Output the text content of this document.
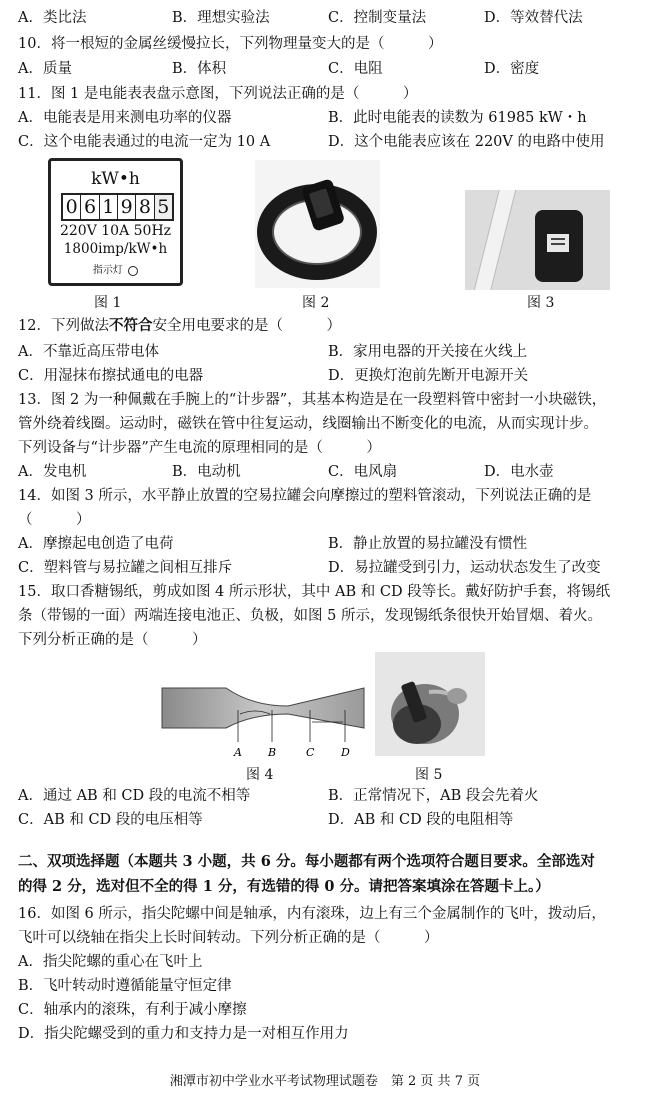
A．类比法	B．理想实验法	C．控制变量法	D．等效替代法
10．将一根短的金属丝缓慢拉长，下列物理量变大的是（　　　）
A．质量	B．体积	C．电阻	D．密度
11．图 1 是电能表表盘示意图，下列说法正确的是（　　　）
A．电能表是用来测电功率的仪器	B．此时电能表的读数为 61985 kW・h
C．这个电能表通过的电流一定为 10 A	D．这个电能表应该在 220V 的电路中使用
kW•h
0 6 1 9 8 5
220V 10A 50Hz
1800imp/kW•h
指示灯
图 1	图 2	图 3
12．下列做法不符合安全用电要求的是（　　　）
A．不靠近高压带电体	B．家用电器的开关接在火线上
C．用湿抹布擦拭通电的电器	D．更换灯泡前先断开电源开关
13．图 2 为一种佩戴在手腕上的“计步器”，其基本构造是在一段塑料管中密封一小块磁铁，
管外绕着线圈。运动时，磁铁在管中往复运动，线圈输出不断变化的电流，从而实现计步。
下列设备与“计步器”产生电流的原理相同的是（　　　）
A．发电机	B．电动机	C．电风扇	D．电水壶
14．如图 3 所示，水平静止放置的空易拉罐会向摩擦过的塑料管滚动，下列说法正确的是
（　　　）
A．摩擦起电创造了电荷	B．静止放置的易拉罐没有惯性
C．塑料管与易拉罐之间相互排斥	D．易拉罐受到引力，运动状态发生了改变
15．取口香糖锡纸，剪成如图 4 所示形状，其中 AB 和 CD 段等长。戴好防护手套，将锡纸
条（带锡的一面）两端连接电池正、负极，如图 5 所示，发现锡纸条很快开始冒烟、着火。
下列分析正确的是（　　　）
A B	C D
图 4	图 5
A．通过 AB 和 CD 段的电流不相等	B．正常情况下，AB 段会先着火
C．AB 和 CD 段的电压相等	D．AB 和 CD 段的电阻相等
二、双项选择题（本题共 3 小题，共 6 分。每小题都有两个选项符合题目要求。全部选对
的得 2 分，选对但不全的得 1 分，有选错的得 0 分。请把答案填涂在答题卡上。）
16．如图 6 所示，指尖陀螺中间是轴承，内有滚珠，边上有三个金属制作的飞叶，拨动后，
飞叶可以绕轴在指尖上长时间转动。下列分析正确的是（　　　）
A．指尖陀螺的重心在飞叶上
B．飞叶转动时遵循能量守恒定律
C．轴承内的滚珠，有利于减小摩擦
D．指尖陀螺受到的重力和支持力是一对相互作用力
湘潭市初中学业水平考试物理试题卷　第 2 页 共 7 页
